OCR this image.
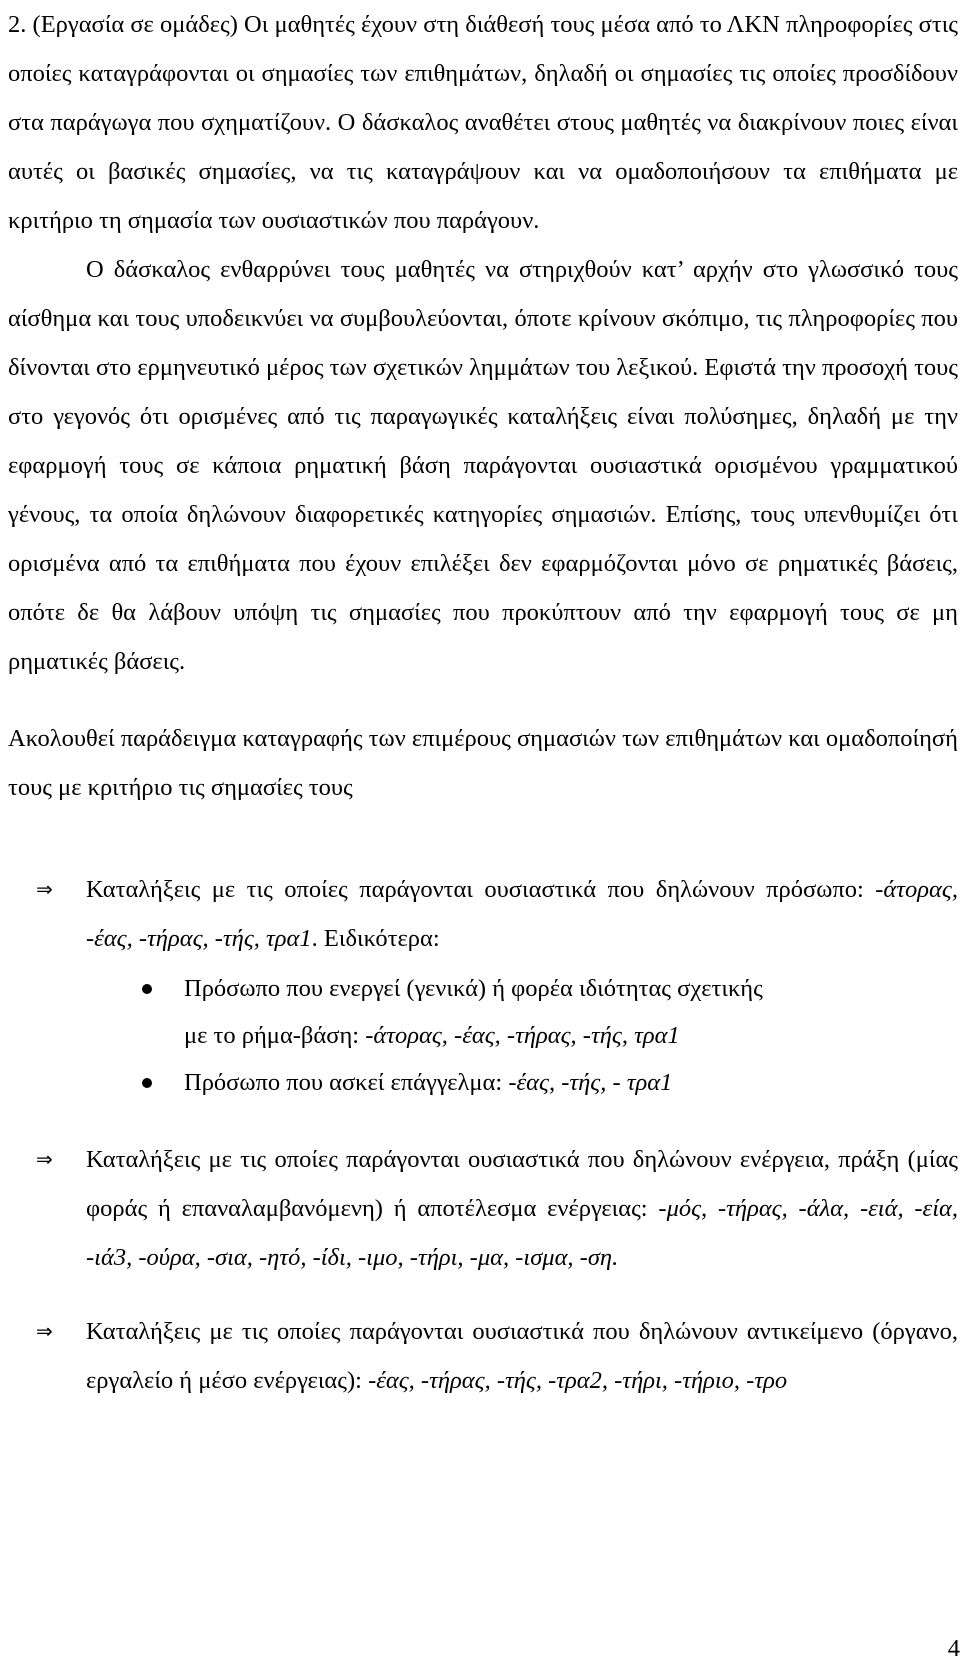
2. (Εργασία σε ομάδες) Οι μαθητές έχουν στη διάθεσή τους μέσα από το ΛΚΝ πληροφορίες στις οποίες καταγράφονται οι σημασίες των επιθημάτων, δηλαδή οι σημασίες τις οποίες προσδίδουν στα παράγωγα που σχηματίζουν. Ο δάσκαλος αναθέτει στους μαθητές να διακρίνουν ποιες είναι αυτές οι βασικές σημασίες, να τις καταγράψουν και να ομαδοποιήσουν τα επιθήματα με κριτήριο τη σημασία των ουσιαστικών που παράγουν.

Ο δάσκαλος ενθαρρύνει τους μαθητές να στηριχθούν κατ’ αρχήν στο γλωσσικό τους αίσθημα και τους υποδεικνύει να συμβουλεύονται, όποτε κρίνουν σκόπιμο, τις πληροφορίες που δίνονται στο ερμηνευτικό μέρος των σχετικών λημμάτων του λεξικού. Εφιστά την προσοχή τους στο γεγονός ότι ορισμένες από τις παραγωγικές καταλήξεις είναι πολύσημες, δηλαδή με την εφαρμογή τους σε κάποια ρηματική βάση παράγονται ουσιαστικά ορισμένου γραμματικού γένους, τα οποία δηλώνουν διαφορετικές κατηγορίες σημασιών. Επίσης, τους υπενθυμίζει ότι ορισμένα από τα επιθήματα που έχουν επιλέξει δεν εφαρμόζονται μόνο σε ρηματικές βάσεις, οπότε δε θα λάβουν υπόψη τις σημασίες που προκύπτουν από την εφαρμογή τους σε μη ρηματικές βάσεις.

Ακολουθεί παράδειγμα καταγραφής των επιμέρους σημασιών των επιθημάτων και ομαδοποίησή τους με κριτήριο τις σημασίες τους

⇒ Καταλήξεις με τις οποίες παράγονται ουσιαστικά που δηλώνουν πρόσωπο: -άτορας, -έας, -τήρας, -τής, τρα1. Ειδικότερα:
Πρόσωπο που ενεργεί (γενικά) ή φορέα ιδιότητας σχετικής
με το ρήμα-βάση: -άτορας, -έας, -τήρας, -τής, τρα1
Πρόσωπο που ασκεί επάγγελμα: -έας, -τής, - τρα1
⇒ Καταλήξεις με τις οποίες παράγονται ουσιαστικά που δηλώνουν ενέργεια, πράξη (μίας φοράς ή επαναλαμβανόμενη) ή αποτέλεσμα ενέργειας: -μός, -τήρας, -άλα, -ειά, -εία, -ιά3, -ούρα, -σια, -ητό, -ίδι, -ιμο, -τήρι, -μα, -ισμα, -ση.
⇒ Καταλήξεις με τις οποίες παράγονται ουσιαστικά που δηλώνουν αντικείμενο (όργανο, εργαλείο ή μέσο ενέργειας): -έας, -τήρας, -τής, -τρα2, -τήρι, -τήριο, -τρο
4
